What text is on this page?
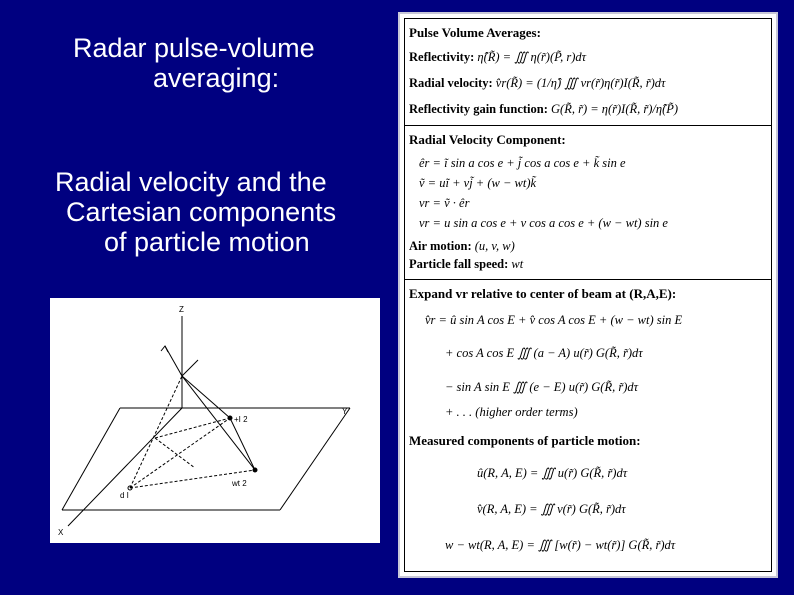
Radar pulse-volume
averaging:
Radial velocity and the
Cartesian components
of particle motion
Z
Y
X
+I 2
wt 2
d I
Pulse Volume Averages:
Reflectivity: η̂(R̃) = ∭ η(r̃)(P̃, r)dτ
Radial velocity: v̂r(R̃) = (1/η̂) ∭ vr(r̃)η(r̃)I(R̃, r̃)dτ
Reflectivity gain function: G(R̃, r̃) = η(r̃)I(R̃, r̃)/η̂(P̃)
Radial Velocity Component:
êr = ĩ sin a cos e + j̃ cos a cos e + k̃ sin e
ṽ = uĩ + vj̃ + (w − wt)k̃
vr = ṽ · êr
vr = u sin a cos e + v cos a cos e + (w − wt) sin e
Air motion: (u, v, w)
Particle fall speed: wt
Expand vr relative to center of beam at (R,A,E):
v̂r = û sin A cos E + v̂ cos A cos E + (w − wt) sin E
+ cos A cos E ∭ (a − A) u(r̃) G(R̃, r̃)dτ
− sin A sin E ∭ (e − E) u(r̃) G(R̃, r̃)dτ
+ . . . (higher order terms)
Measured components of particle motion:
û(R, A, E) = ∭ u(r̃) G(R̃, r̃)dτ
v̂(R, A, E) = ∭ v(r̃) G(R̃, r̃)dτ
w − wt(R, A, E) = ∭ [w(r̃) − wt(r̃)] G(R̃, r̃)dτ
